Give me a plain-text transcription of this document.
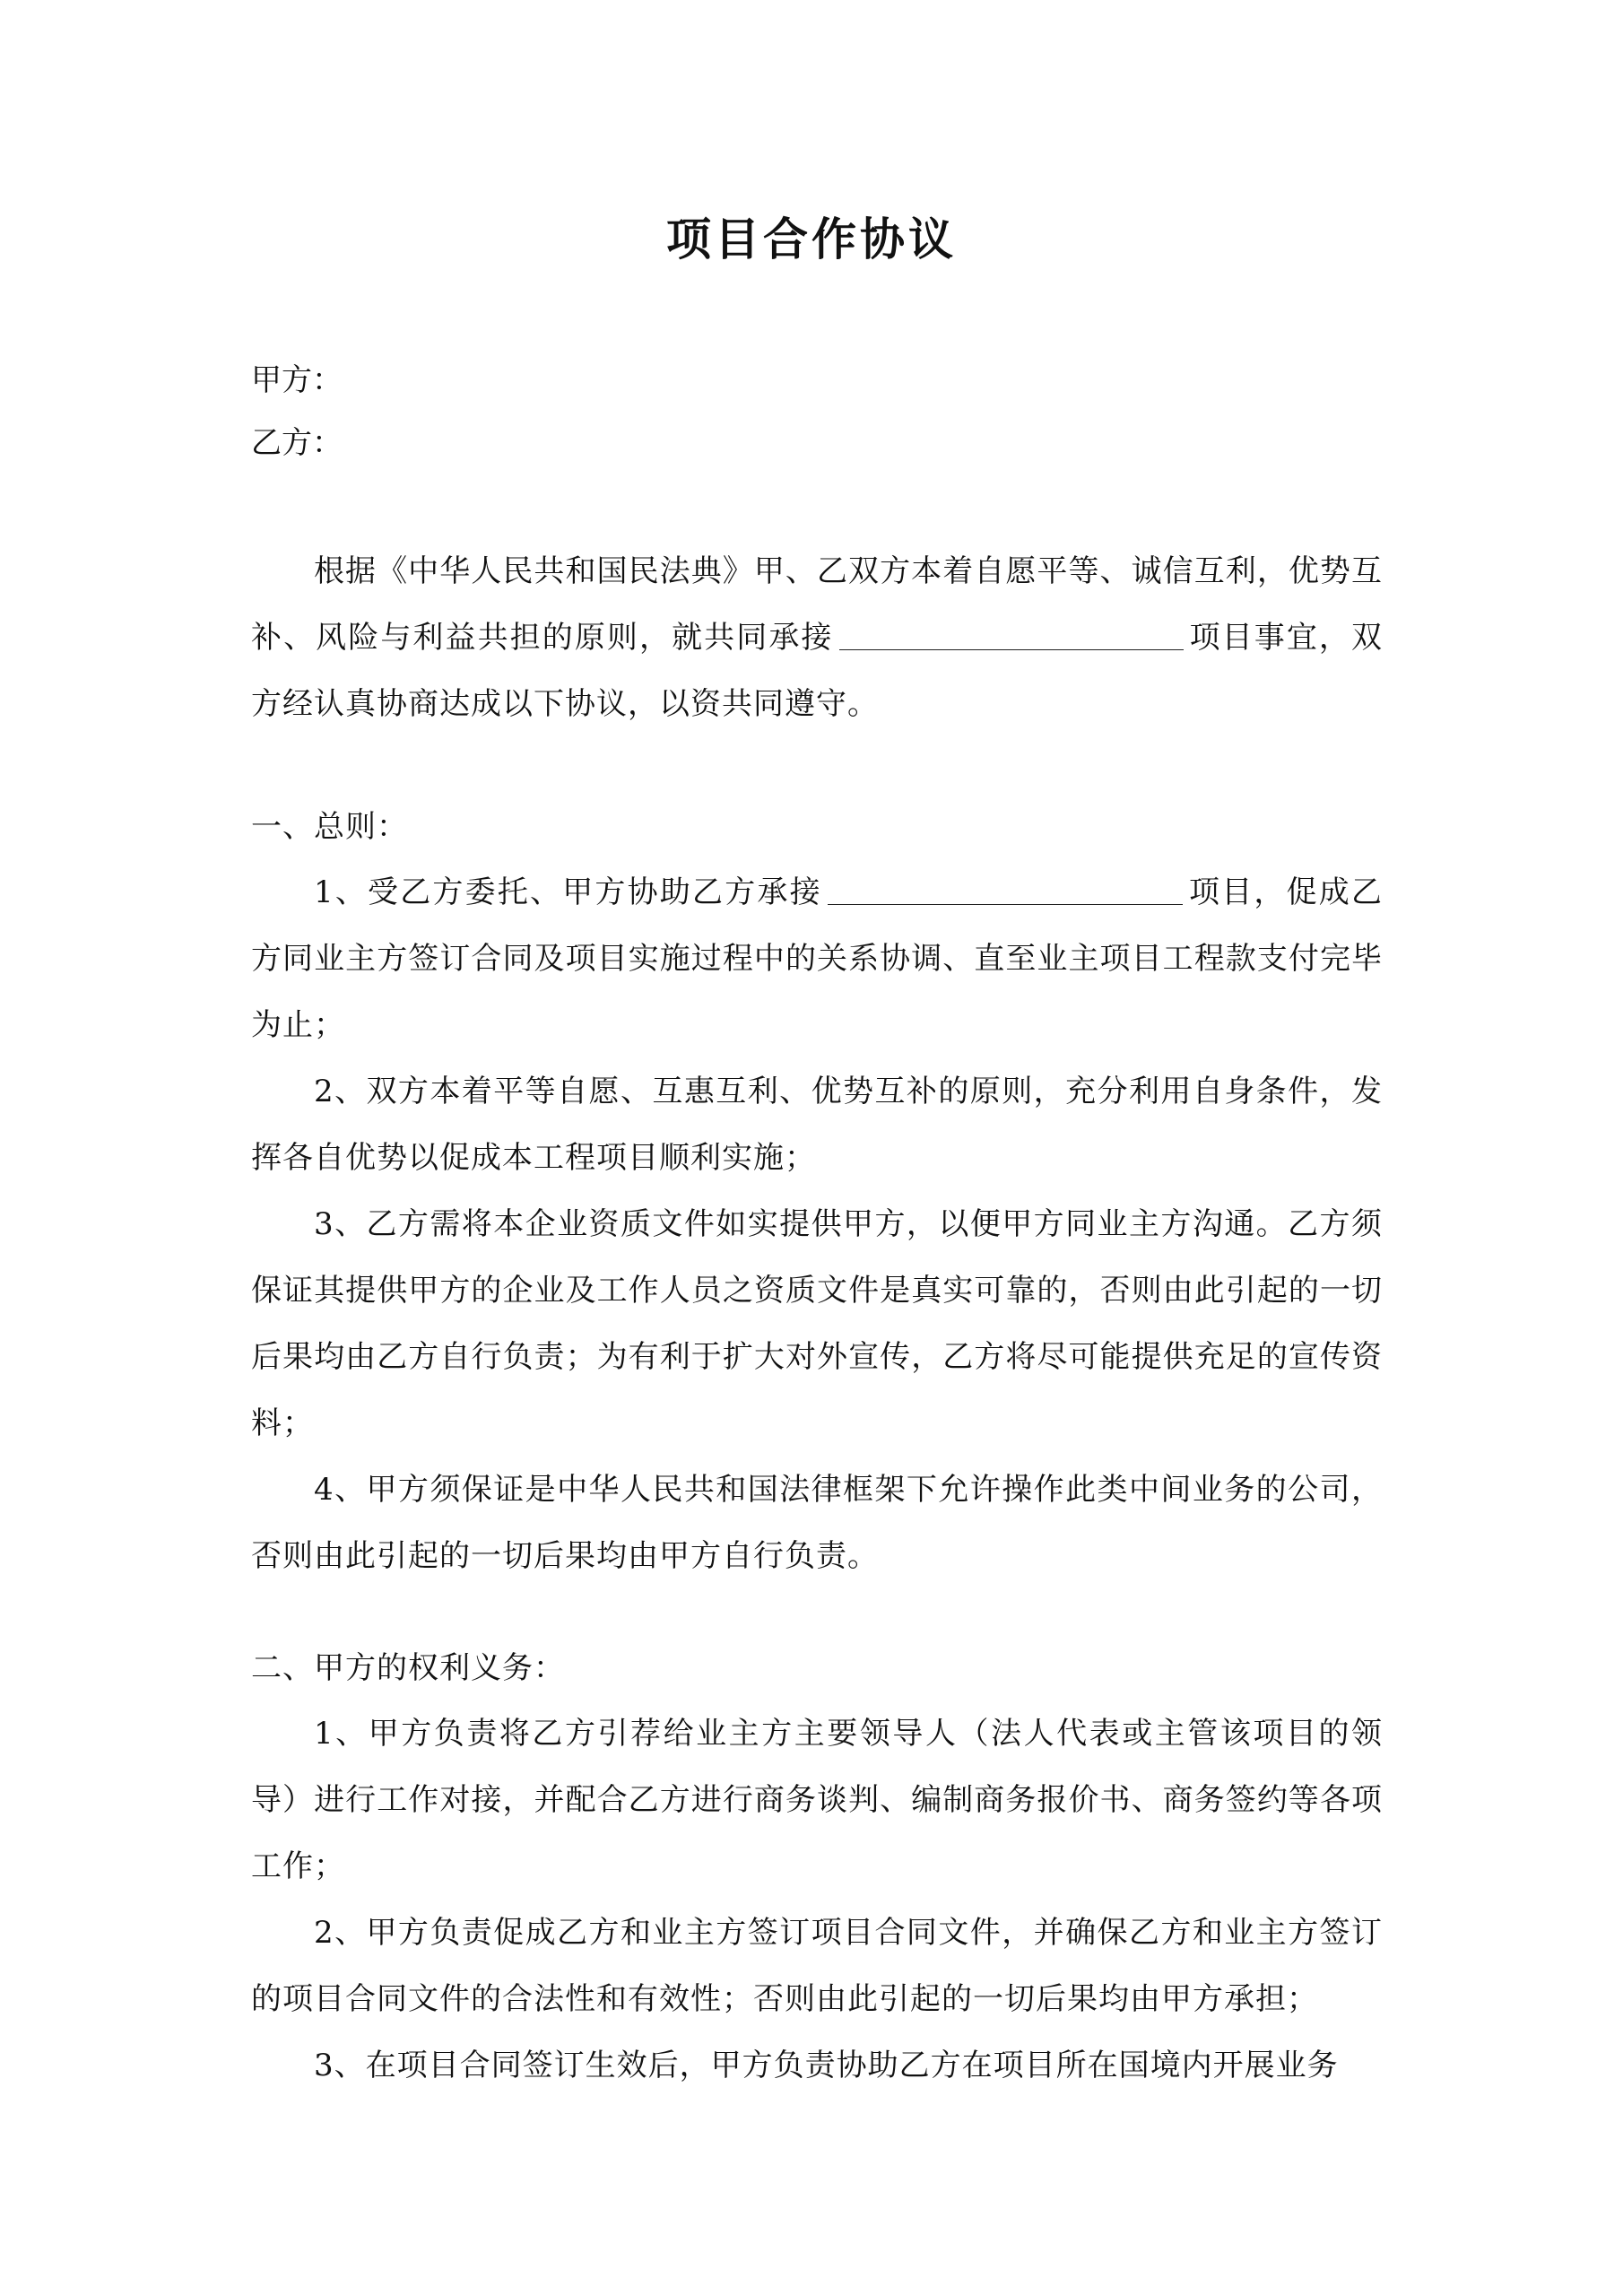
项目合作协议
甲方：
乙方：
根据《中华人民共和国民法典》甲、乙双方本着自愿平等、诚信互利，优势互补、风险与利益共担的原则，就共同承接	项目事宜，双方经认真协商达成以下协议，以资共同遵守。
一、总则：
1、受乙方委托、甲方协助乙方承接	项目，促成乙方同业主方签订合同及项目实施过程中的关系协调、直至业主项目工程款支付完毕为止；
2、双方本着平等自愿、互惠互利、优势互补的原则，充分利用自身条件，发挥各自优势以促成本工程项目顺利实施；
3、乙方需将本企业资质文件如实提供甲方，以便甲方同业主方沟通。乙方须保证其提供甲方的企业及工作人员之资质文件是真实可靠的，否则由此引起的一切后果均由乙方自行负责；为有利于扩大对外宣传，乙方将尽可能提供充足的宣传资料；
4、甲方须保证是中华人民共和国法律框架下允许操作此类中间业务的公司，否则由此引起的一切后果均由甲方自行负责。
二、甲方的权利义务：
1、甲方负责将乙方引荐给业主方主要领导人（法人代表或主管该项目的领导）进行工作对接，并配合乙方进行商务谈判、编制商务报价书、商务签约等各项工作；
2、甲方负责促成乙方和业主方签订项目合同文件，并确保乙方和业主方签订的项目合同文件的合法性和有效性；否则由此引起的一切后果均由甲方承担；
3、在项目合同签订生效后，甲方负责协助乙方在项目所在国境内开展业务
